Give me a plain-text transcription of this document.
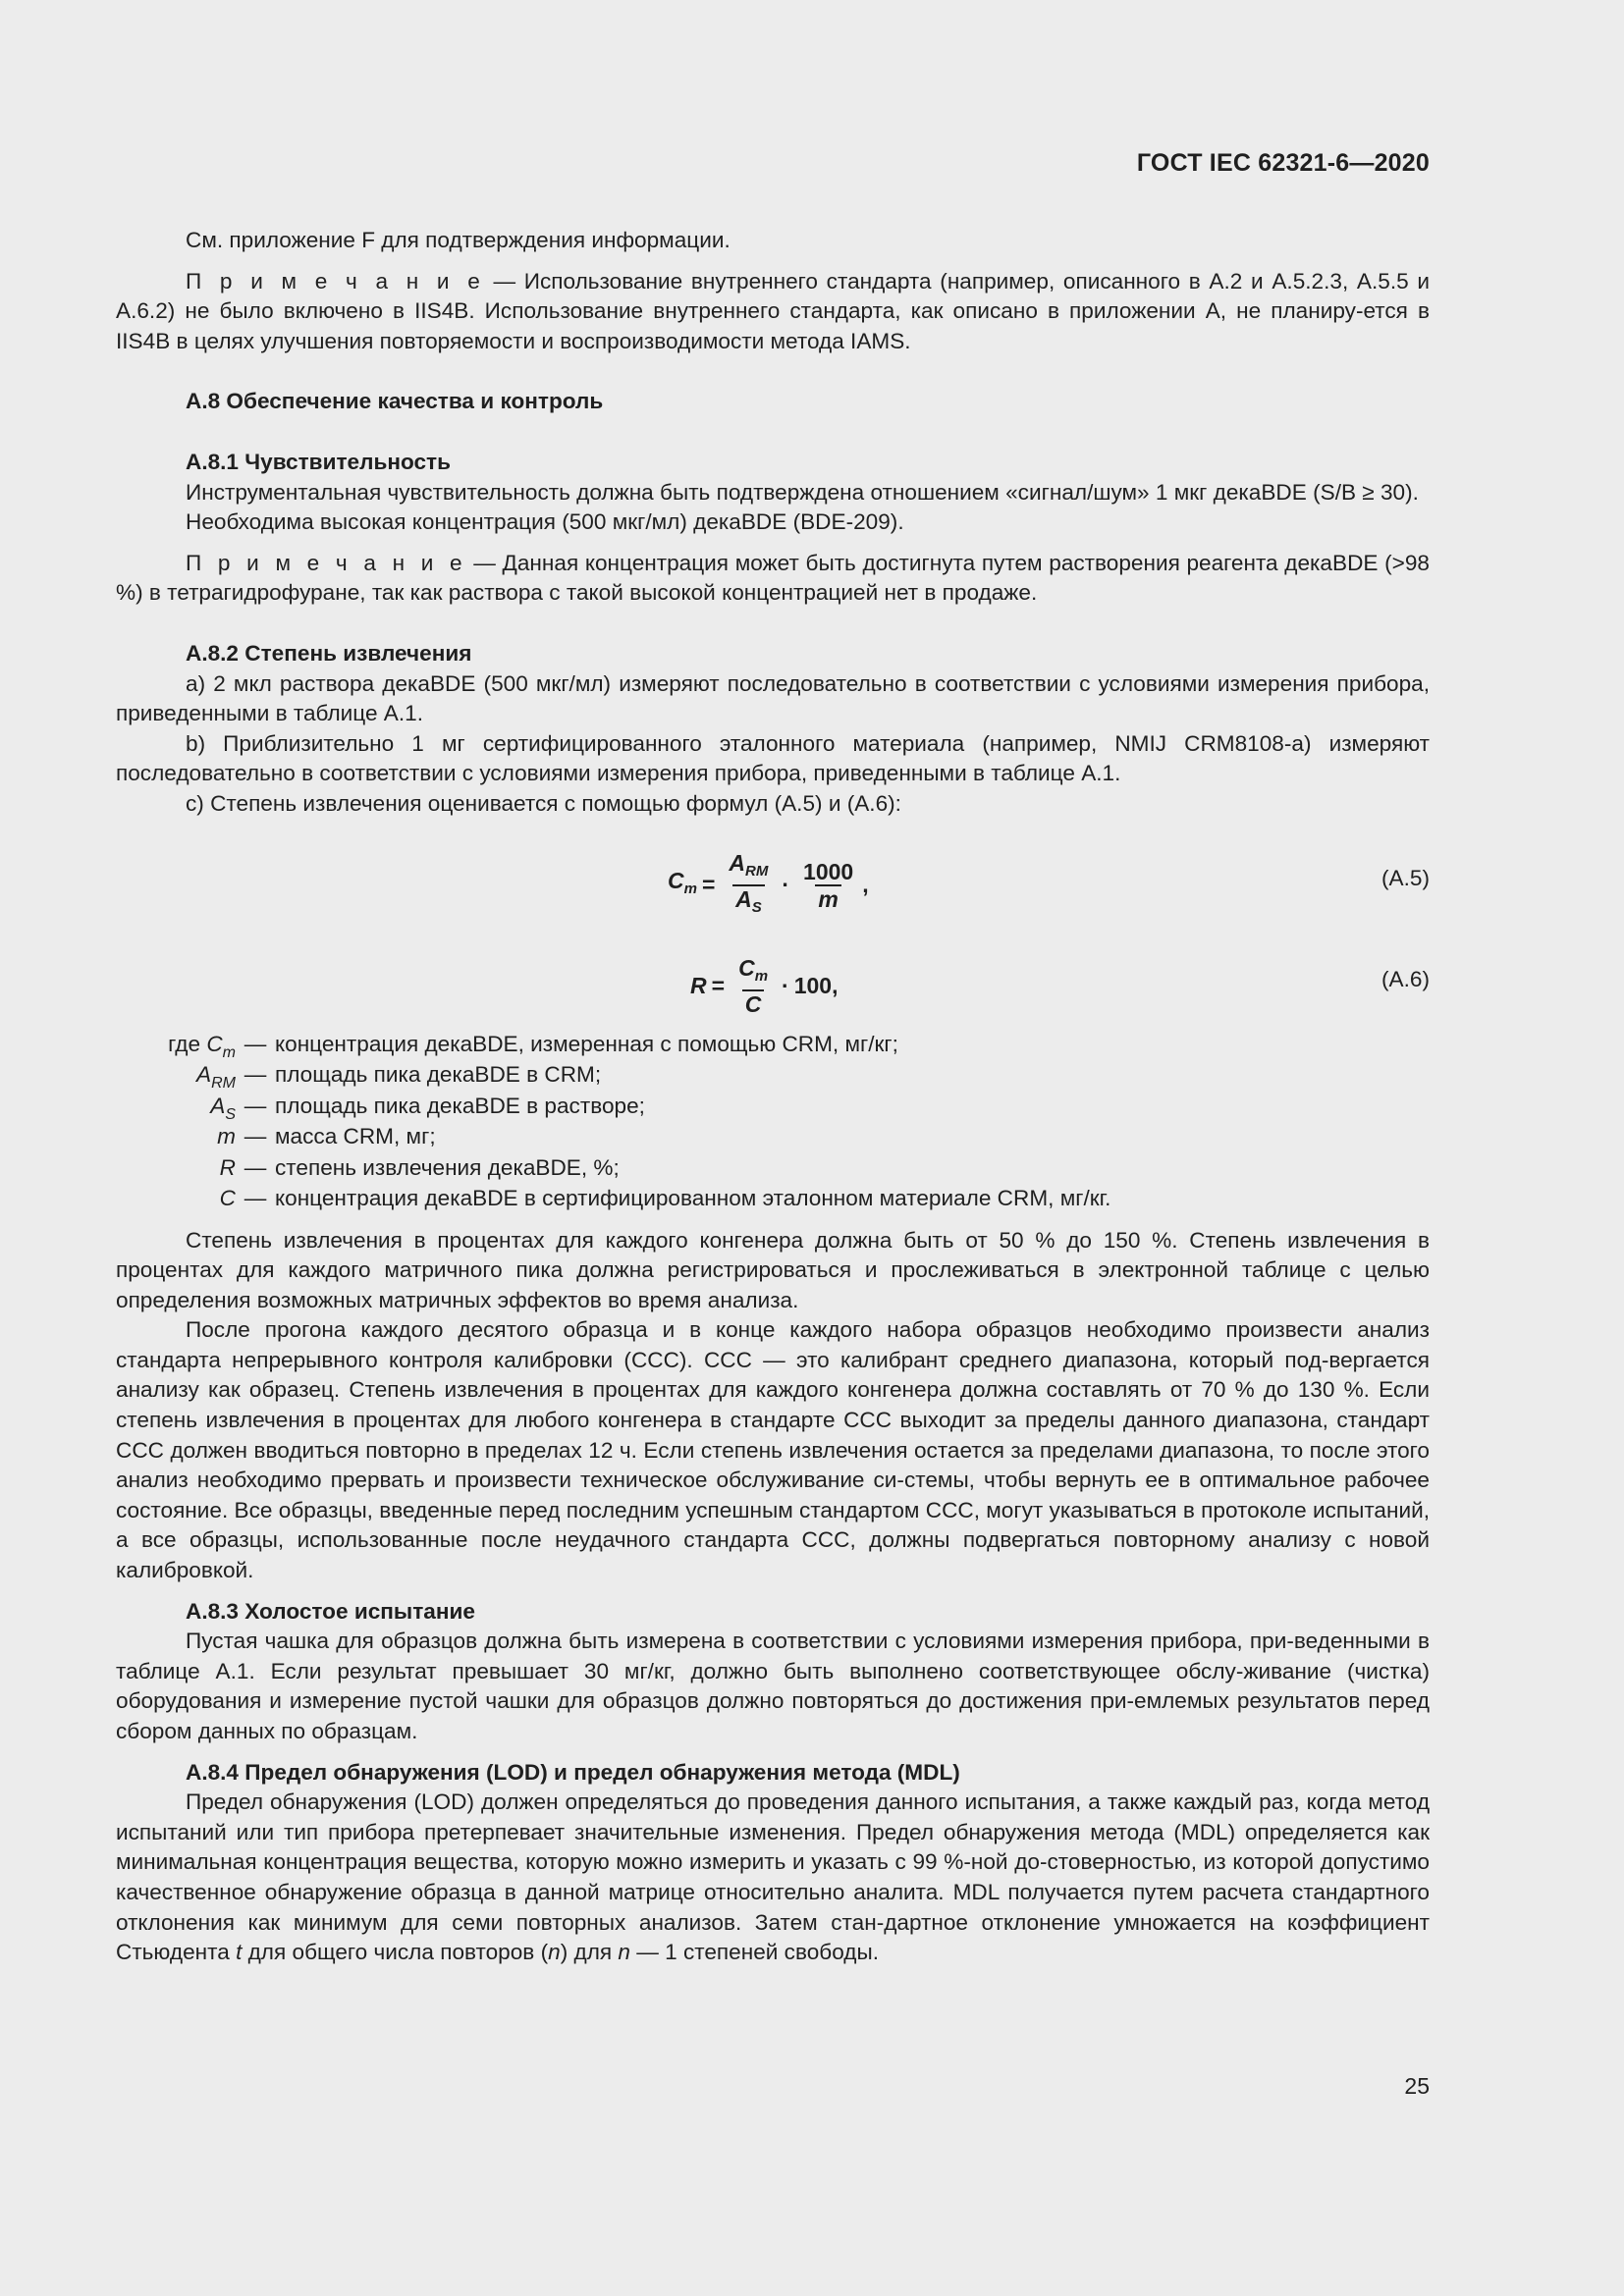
ГОСТ IEC 62321-6—2020

См. приложение F для подтверждения информации.

П р и м е ч а н и е — Использование внутреннего стандарта (например, описанного в А.2 и А.5.2.3, А.5.5 и А.6.2) не было включено в IIS4B. Использование внутреннего стандарта, как описано в приложении А, не планиру-ется в IIS4B в целях улучшения повторяемости и воспроизводимости метода IAMS.

А.8 Обеспечение качества и контроль

А.8.1 Чувствительность

Инструментальная чувствительность должна быть подтверждена отношением «сигнал/шум» 1 мкг декаBDE (S/B ≥ 30).

Необходима высокая концентрация (500 мкг/мл) декаBDE (BDE-209).

П р и м е ч а н и е — Данная концентрация может быть достигнута путем растворения реагента декаBDE (>98 %) в тетрагидрофуране, так как раствора с такой высокой концентрацией нет в продаже.

А.8.2 Степень извлечения

а) 2 мкл раствора декаBDE (500 мкг/мл) измеряют последовательно в соответствии с условиями измерения прибора, приведенными в таблице А.1.

b) Приблизительно 1 мг сертифицированного эталонного материала (например, NMIJ CRM8108-a) измеряют последовательно в соответствии с условиями измерения прибора, приведенными в таблице А.1.

с) Степень извлечения оценивается с помощью формул (А.5) и (А.6):

$C_m = \frac{A_{RM}}{A_S} \cdot \frac{1000}{m}$ ,	(А.5)
$R = \frac{C_m}{C} \cdot 100$,	(А.6)
где $C_m$ — концентрация декаBDE, измеренная с помощью CRM, мг/кг;
$A_{RM}$ — площадь пика декаBDE в CRM;
$A_S$ — площадь пика декаBDE в растворе;
m — масса CRM, мг;
R — степень извлечения декаBDE, %;
C — концентрация декаBDE в сертифицированном эталонном материале CRM, мг/кг.

Степень извлечения в процентах для каждого конгенера должна быть от 50 % до 150 %. Степень извлечения в процентах для каждого матричного пика должна регистрироваться и прослеживаться в электронной таблице с целью определения возможных матричных эффектов во время анализа.

После прогона каждого десятого образца и в конце каждого набора образцов необходимо произвести анализ стандарта непрерывного контроля калибровки (ССС). ССС — это калибрант среднего диапазона, который под-вергается анализу как образец. Степень извлечения в процентах для каждого конгенера должна составлять от 70 % до 130 %. Если степень извлечения в процентах для любого конгенера в стандарте ССС выходит за пределы данного диапазона, стандарт ССС должен вводиться повторно в пределах 12 ч. Если степень извлечения остается за пределами диапазона, то после этого анализ необходимо прервать и произвести техническое обслуживание си-стемы, чтобы вернуть ее в оптимальное рабочее состояние. Все образцы, введенные перед последним успешным стандартом ССС, могут указываться в протоколе испытаний, а все образцы, использованные после неудачного стандарта ССС, должны подвергаться повторному анализу с новой калибровкой.

А.8.3 Холостое испытание

Пустая чашка для образцов должна быть измерена в соответствии с условиями измерения прибора, при-веденными в таблице А.1. Если результат превышает 30 мг/кг, должно быть выполнено соответствующее обслу-живание (чистка) оборудования и измерение пустой чашки для образцов должно повторяться до достижения при-емлемых результатов перед сбором данных по образцам.

А.8.4 Предел обнаружения (LOD) и предел обнаружения метода (MDL)

Предел обнаружения (LOD) должен определяться до проведения данного испытания, а также каждый раз, когда метод испытаний или тип прибора претерпевает значительные изменения. Предел обнаружения метода (MDL) определяется как минимальная концентрация вещества, которую можно измерить и указать с 99 %-ной до-стоверностью, из которой допустимо качественное обнаружение образца в данной матрице относительно аналита. MDL получается путем расчета стандартного отклонения как минимум для семи повторных анализов. Затем стан-дартное отклонение умножается на коэффициент Стьюдента t для общего числа повторов (n) для n — 1 степеней свободы.

25
